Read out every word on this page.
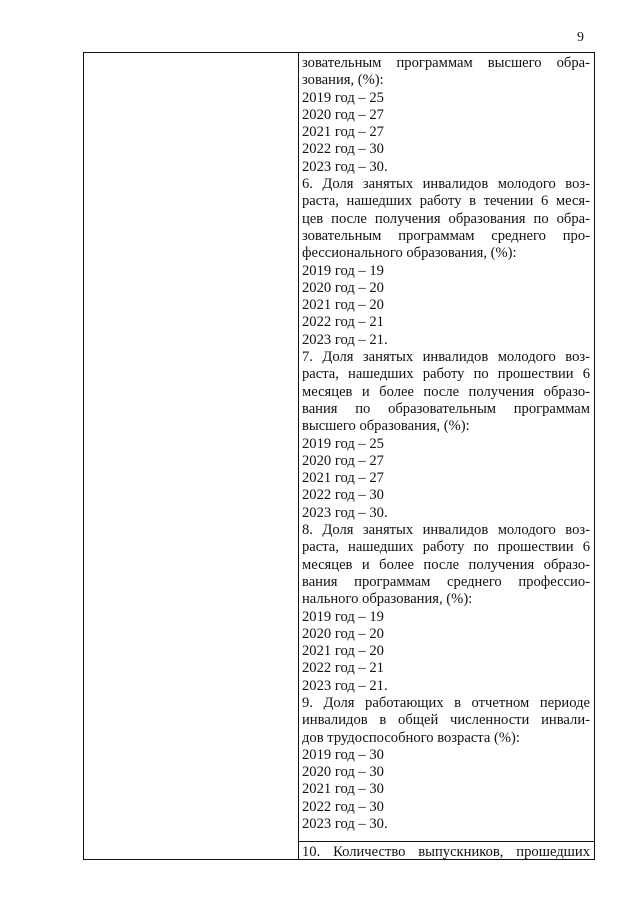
9
зовательным программам высшего обра-
зования, (%):
2019 год – 25
2020 год – 27
2021 год – 27
2022 год – 30
2023 год – 30.
6. Доля занятых инвалидов молодого воз-
раста, нашедших работу в течении 6 меся-
цев после получения образования по обра-
зовательным программам среднего про-
фессионального образования, (%):
2019 год – 19
2020 год – 20
2021 год – 20
2022 год – 21
2023 год – 21.
7. Доля занятых инвалидов молодого воз-
раста, нашедших работу по прошествии 6
месяцев и более после получения образо-
вания по образовательным программам
высшего образования, (%):
2019 год – 25
2020 год – 27
2021 год – 27
2022 год – 30
2023 год – 30.
8. Доля занятых инвалидов молодого воз-
раста, нашедших работу по прошествии 6
месяцев и более после получения образо-
вания программам среднего профессио-
нального образования, (%):
2019 год – 19
2020 год – 20
2021 год – 20
2022 год – 21
2023 год – 21.
9. Доля работающих в отчетном периоде
инвалидов в общей численности инвали-
дов трудоспособного возраста (%):
2019 год – 30
2020 год – 30
2021 год – 30
2022 год – 30
2023 год – 30.
10. Количество выпускников, прошедших
